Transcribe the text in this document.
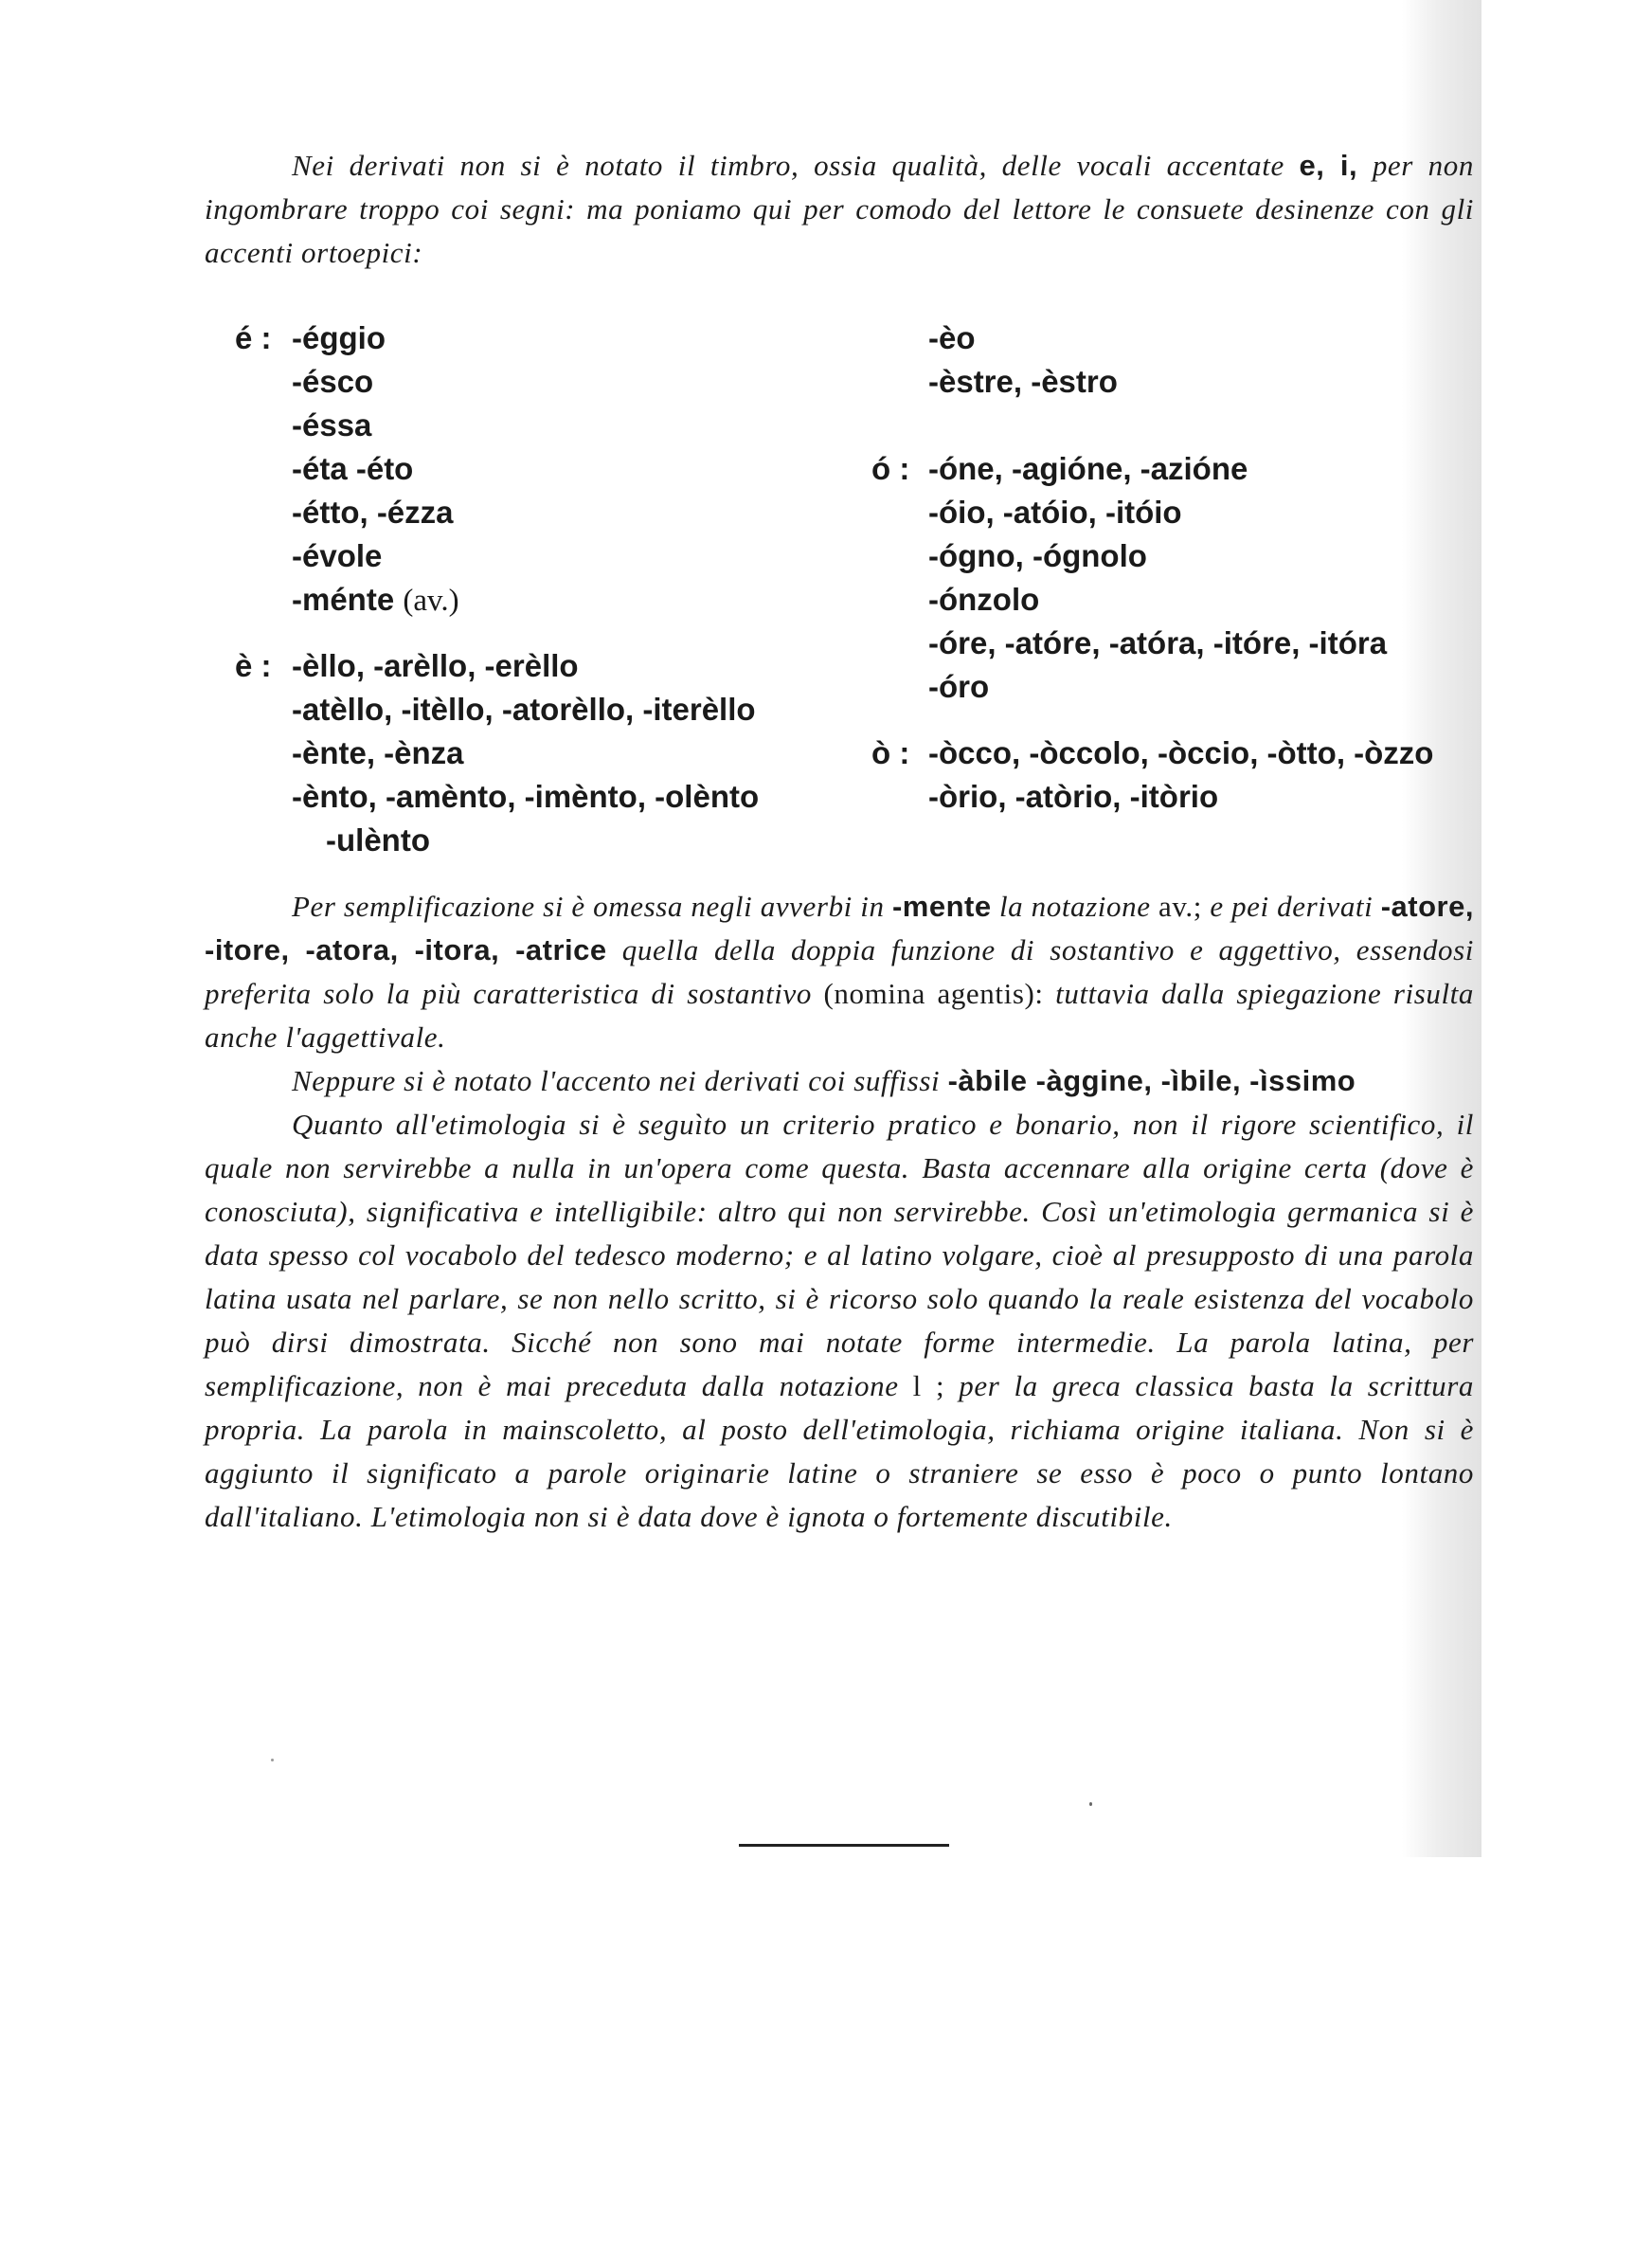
Nei derivati non si è notato il timbro, ossia qualità, delle vocali accentate e, i, per non ingombrare troppo coi segni: ma poniamo qui per comodo del lettore le consuete desinenze con gli accenti ortoepici:

é : -éggio
-ésco
-éssa
-éta -éto
-étto, -ézza
-évole
-ménte (av.)
è : -èllo, -arèllo, -erèllo
-atèllo, -itèllo, -atorèllo, -iterèllo
-ènte, -ènza
-ènto, -amènto, -imènto, -olènto
-ulènto
-èo
-èstre, -èstro
ó : -óne, -agióne, -azióne
-óio, -atóio, -itóio
-ógno, -ógnolo
-ónzolo
-óre, -atóre, -atóra, -itóre, -itóra
-óro
ò : -òcco, -òccolo, -òccio, -òtto, -òzzo
-òrio, -atòrio, -itòrio

Per semplificazione si è omessa negli avverbi in -mente la notazione av.; e pei derivati -atore, -itore, -atora, -itora, -atrice quella della doppia funzione di sostantivo e aggettivo, essendosi preferita solo la più caratteristica di sostantivo (nomina agentis): tuttavia dalla spiegazione risulta anche l'aggettivale.

Neppure si è notato l'accento nei derivati coi suffissi -àbile -àggine, -ìbile, -ìssimo

Quanto all'etimologia si è seguìto un criterio pratico e bonario, non il rigore scientifico, il quale non servirebbe a nulla in un'opera come questa. Basta accennare alla origine certa (dove è conosciuta), significativa e intelligibile: altro qui non servirebbe. Così un'etimologia germanica si è data spesso col vocabolo del tedesco moderno; e al latino volgare, cioè al presupposto di una parola latina usata nel parlare, se non nello scritto, si è ricorso solo quando la reale esistenza del vocabolo può dirsi dimostrata. Sicché non sono mai notate forme intermedie. La parola latina, per semplificazione, non è mai preceduta dalla notazione l ; per la greca classica basta la scrittura propria. La parola in mainscoletto, al posto dell'etimologia, richiama origine italiana. Non si è aggiunto il significato a parole originarie latine o straniere se esso è poco o punto lontano dall'italiano. L'etimologia non si è data dove è ignota o fortemente discutibile.
